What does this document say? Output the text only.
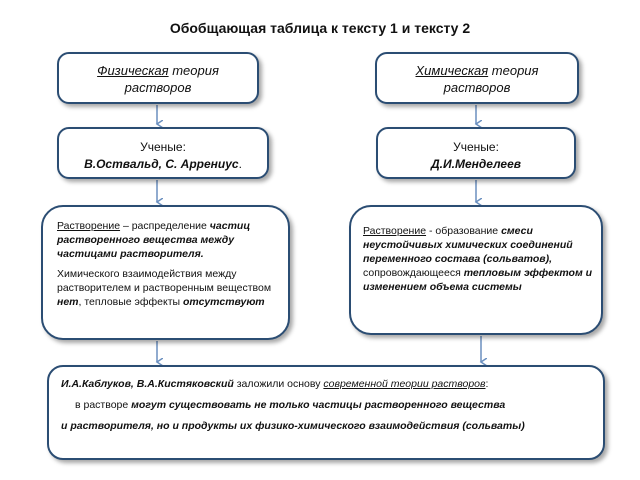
Обобщающая таблица к тексту 1 и тексту 2
Физическая теория
растворов
Химическая теория
растворов
Ученые:
В.Оствальд, С. Аррениус.
Ученые:
Д.И.Менделеев

Растворение – распределение частиц растворенного вещества между частицами растворителя.

Химического взаимодействия между растворителем и растворенным веществом нет, тепловые эффекты отсутствуют

Растворение - образование смеси неустойчивых химических соединений переменного состава (сольватов), сопровождающееся тепловым эффектом и изменением объема системы

И.А.Каблуков, В.А.Кистяковский заложили основу современной теории растворов:

в растворе могут существовать не только частицы растворенного вещества

и растворителя, но и продукты их физико-химического взаимодействия (сольваты)
